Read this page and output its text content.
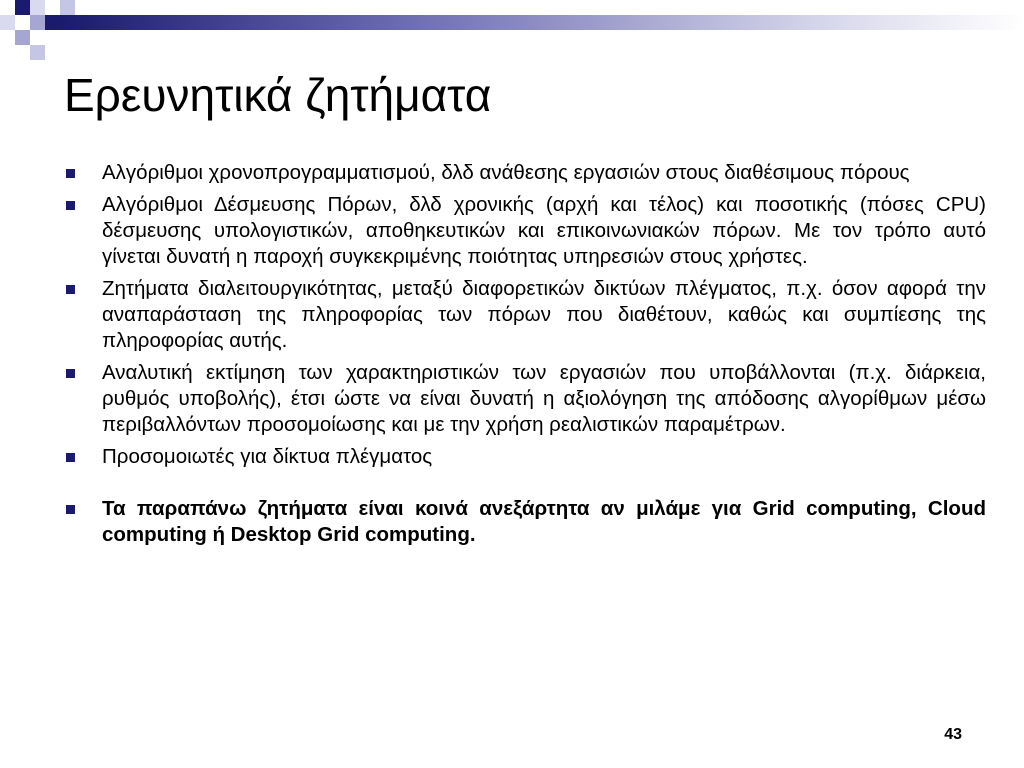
Ερευνητικά ζητήματα
Αλγόριθμοι χρονοπρογραμματισμού, δλδ ανάθεσης εργασιών στους διαθέσιμους πόρους
Αλγόριθμοι Δέσμευσης Πόρων, δλδ χρονικής (αρχή και τέλος) και ποσοτικής (πόσες CPU) δέσμευσης υπολογιστικών, αποθηκευτικών και επικοινωνιακών πόρων. Με τον τρόπο αυτό γίνεται δυνατή η παροχή συγκεκριμένης ποιότητας υπηρεσιών στους χρήστες.
Ζητήματα διαλειτουργικότητας, μεταξύ διαφορετικών δικτύων πλέγματος, π.χ. όσον αφορά την αναπαράσταση της πληροφορίας των πόρων που διαθέτουν, καθώς και συμπίεσης της πληροφορίας αυτής.
Αναλυτική εκτίμηση των χαρακτηριστικών των εργασιών που υποβάλλονται (π.χ. διάρκεια, ρυθμός υποβολής), έτσι ώστε να είναι δυνατή η αξιολόγηση της απόδοσης αλγορίθμων μέσω περιβαλλόντων προσομοίωσης και με την χρήση ρεαλιστικών παραμέτρων.
Προσομοιωτές για δίκτυα πλέγματος
Τα παραπάνω ζητήματα είναι κοινά ανεξάρτητα αν μιλάμε για Grid computing, Cloud computing ή Desktop Grid computing.
43
